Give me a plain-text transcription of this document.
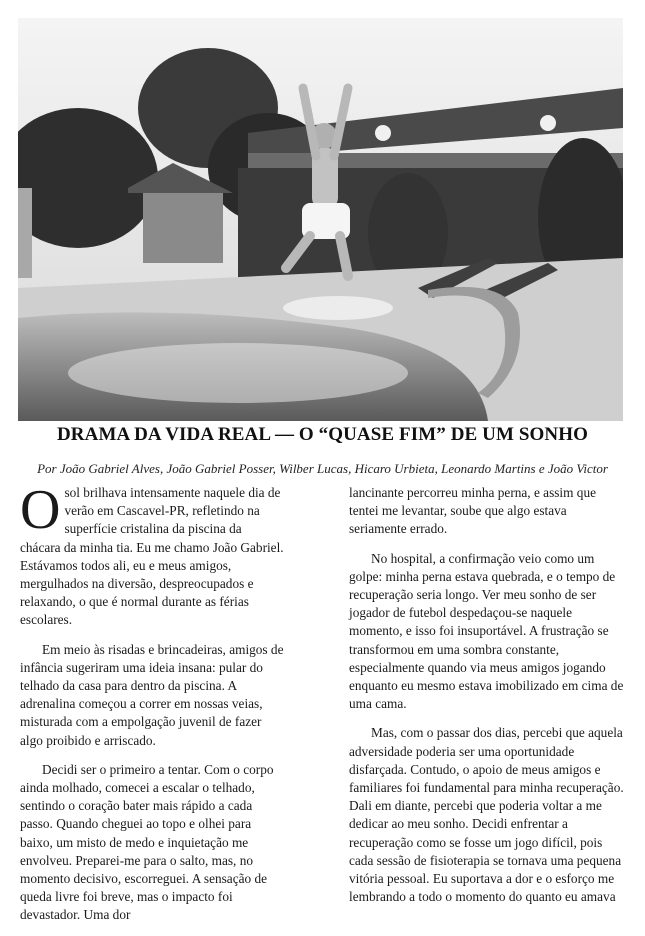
DRAMA DA VIDA REAL — O “QUASE FIM” DE UM SONHO

Por João Gabriel Alves, João Gabriel Posser, Wilber Lucas, Hicaro Urbieta, Leonardo Martins e João Victor

O sol brilhava intensamente naquele dia de verão em Cascavel-PR, refletindo na superfície cristalina da piscina da chácara da minha tia. Eu me chamo João Gabriel. Estávamos todos ali, eu e meus amigos, mergulhados na diversão, despreocupados e relaxando, o que é normal durante as férias escolares.

Em meio às risadas e brincadeiras, amigos de infância sugeriram uma ideia insana: pular do telhado da casa para dentro da piscina. A adrenalina começou a correr em nossas veias, misturada com a empolgação juvenil de fazer algo proibido e arriscado.

Decidi ser o primeiro a tentar. Com o corpo ainda molhado, comecei a escalar o telhado, sentindo o coração bater mais rápido a cada passo. Quando cheguei ao topo e olhei para baixo, um misto de medo e inquietação me envolveu. Preparei-me para o salto, mas, no momento decisivo, escorreguei. A sensação de queda livre foi breve, mas o impacto foi devastador. Uma dor

lancinante percorreu minha perna, e assim que tentei me levantar, soube que algo estava seriamente errado.

No hospital, a confirmação veio como um golpe: minha perna estava quebrada, e o tempo de recuperação seria longo. Ver meu sonho de ser jogador de futebol despedaçou-se naquele momento, e isso foi insuportável. A frustração se transformou em uma sombra constante, especialmente quando via meus amigos jogando enquanto eu mesmo estava imobilizado em cima de uma cama.

Mas, com o passar dos dias, percebi que aquela adversidade poderia ser uma oportunidade disfarçada. Contudo, o apoio de meus amigos e familiares foi fundamental para minha recuperação. Dali em diante, percebi que poderia voltar a me dedicar ao meu sonho. Decidi enfrentar a recuperação como se fosse um jogo difícil, pois cada sessão de fisioterapia se tornava uma pequena vitória pessoal. Eu suportava a dor e o esforço me lembrando a todo o momento do quanto eu amava
